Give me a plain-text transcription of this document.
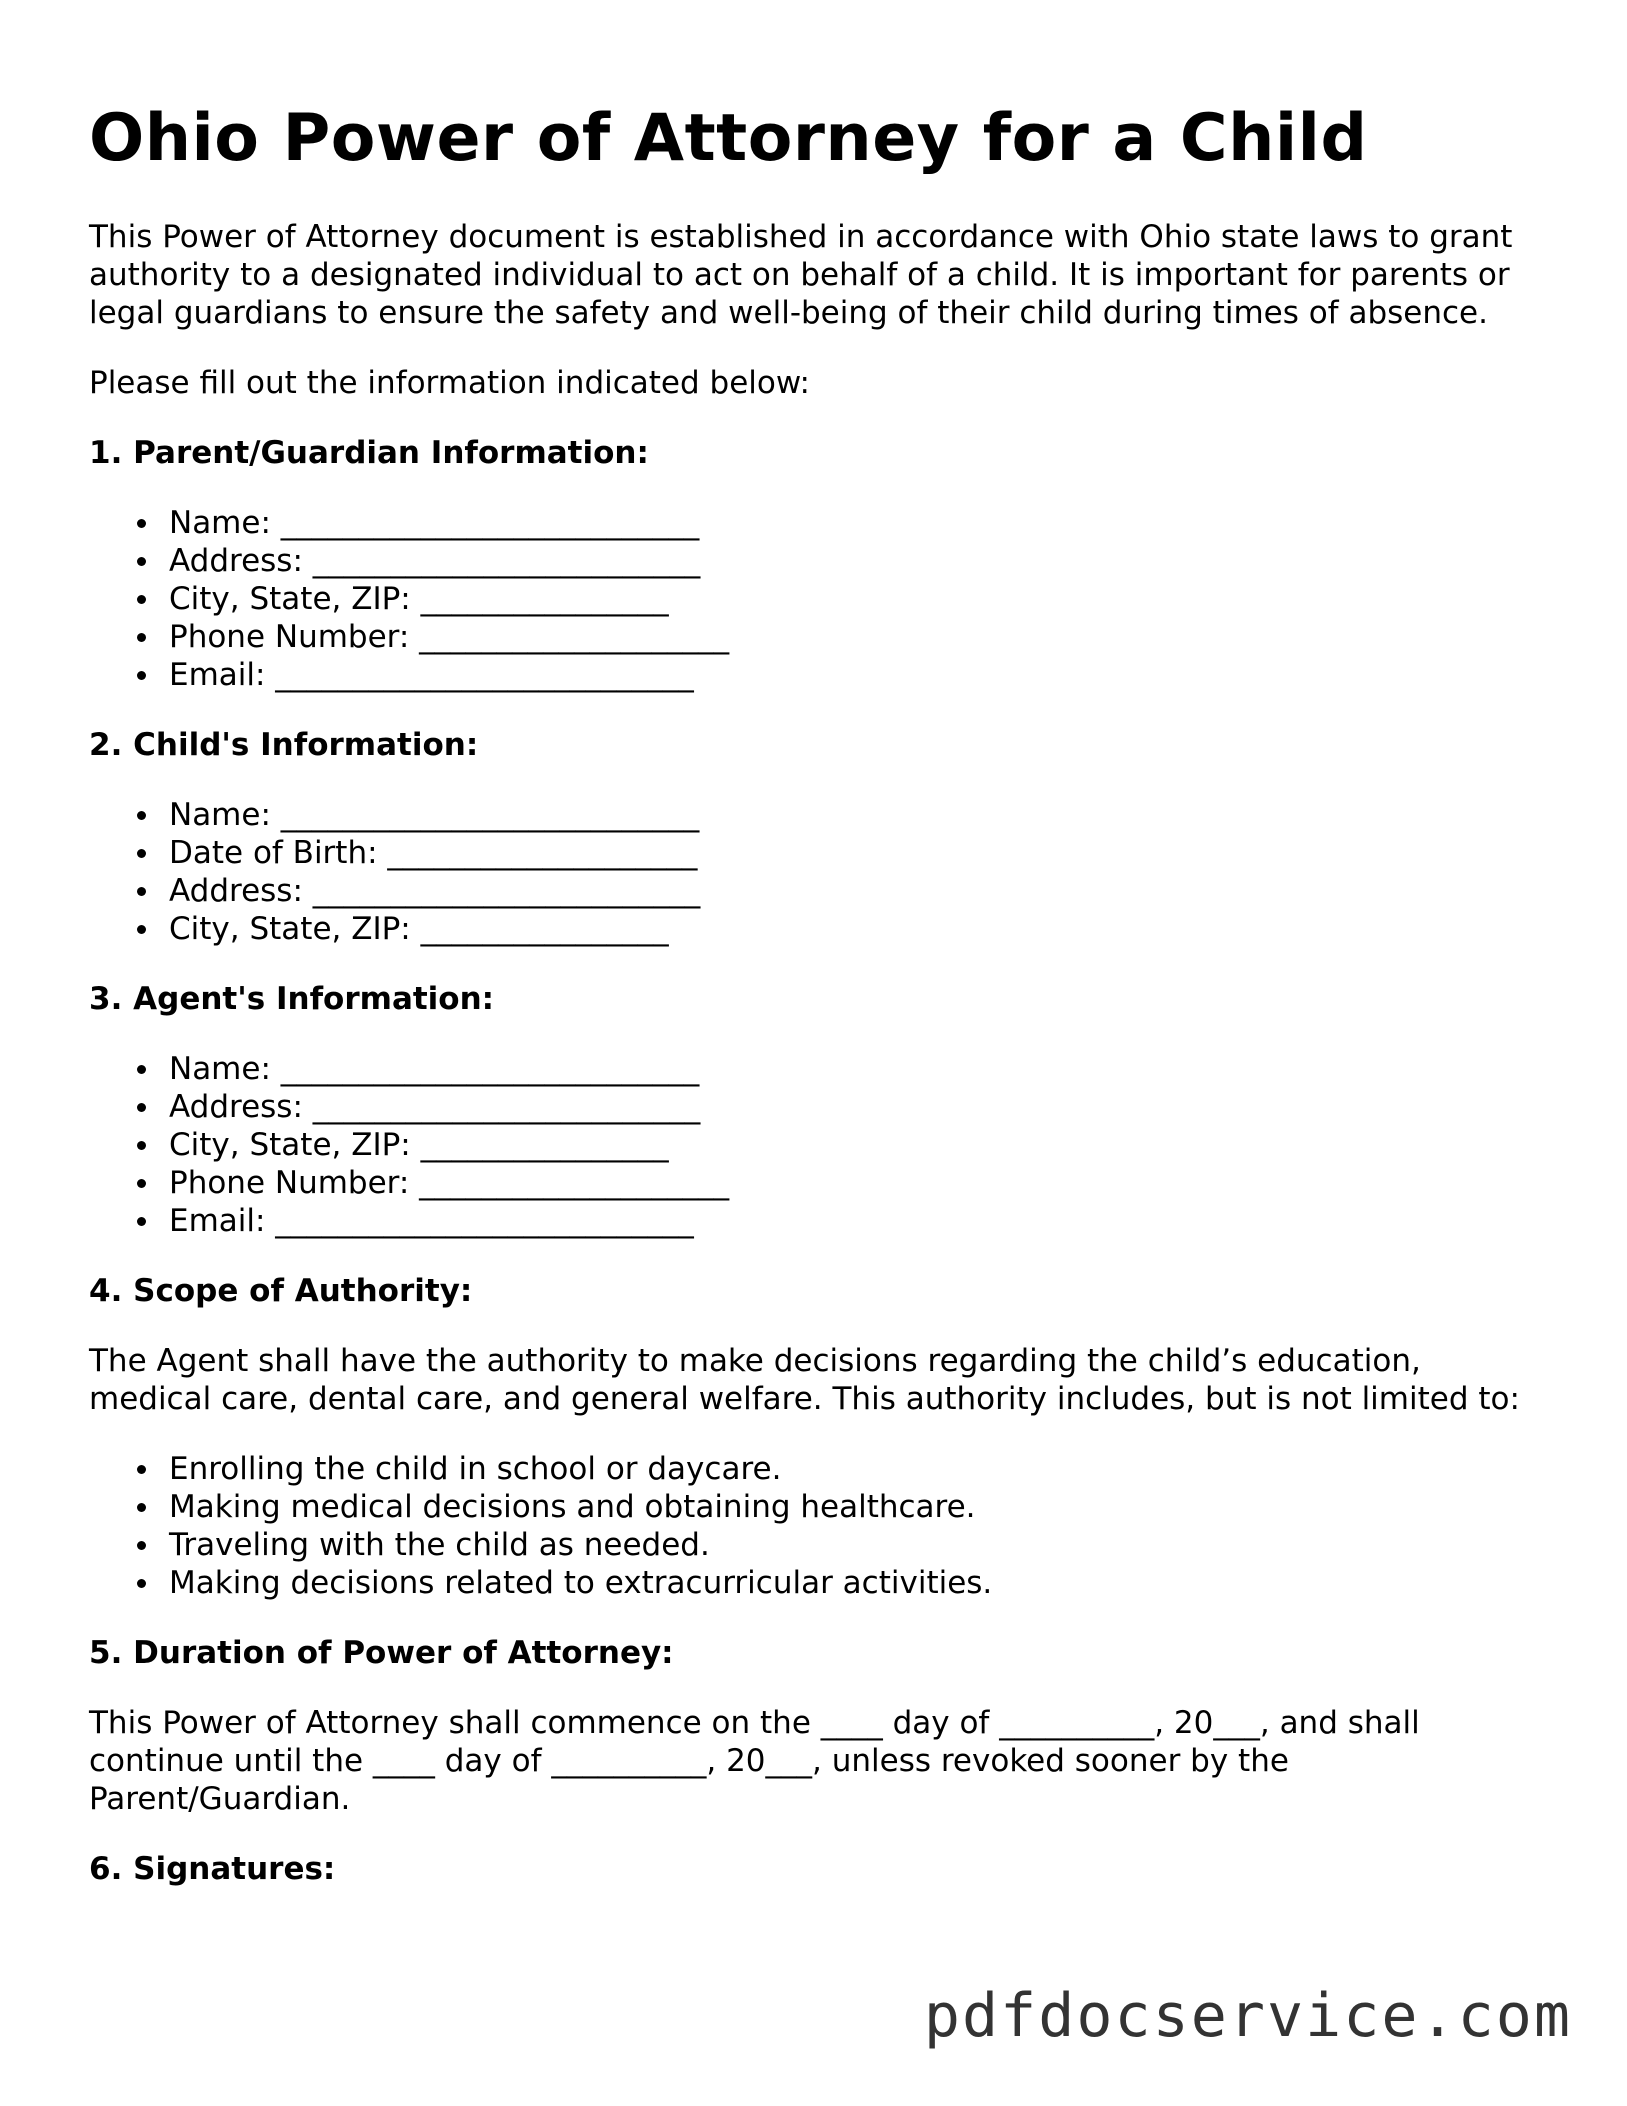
Ohio Power of Attorney for a Child

This Power of Attorney document is established in accordance with Ohio state laws to grant authority to a designated individual to act on behalf of a child. It is important for parents or legal guardians to ensure the safety and well-being of their child during times of absence.

Please fill out the information indicated below:

1. Parent/Guardian Information:
Name: ___________________________
Address: _________________________
City, State, ZIP: ________________
Phone Number: ____________________
Email: ___________________________
2. Child's Information:
Name: ___________________________
Date of Birth: ____________________
Address: _________________________
City, State, ZIP: ________________
3. Agent's Information:
Name: ___________________________
Address: _________________________
City, State, ZIP: ________________
Phone Number: ____________________
Email: ___________________________
4. Scope of Authority:

The Agent shall have the authority to make decisions regarding the child’s education, medical care, dental care, and general welfare. This authority includes, but is not limited to:

Enrolling the child in school or daycare.
Making medical decisions and obtaining healthcare.
Traveling with the child as needed.
Making decisions related to extracurricular activities.
5. Duration of Power of Attorney:

This Power of Attorney shall commence on the ____ day of __________, 20___, and shall continue until the ____ day of __________, 20___, unless revoked sooner by the Parent/Guardian.

6. Signatures:
pdfdocservice.com
